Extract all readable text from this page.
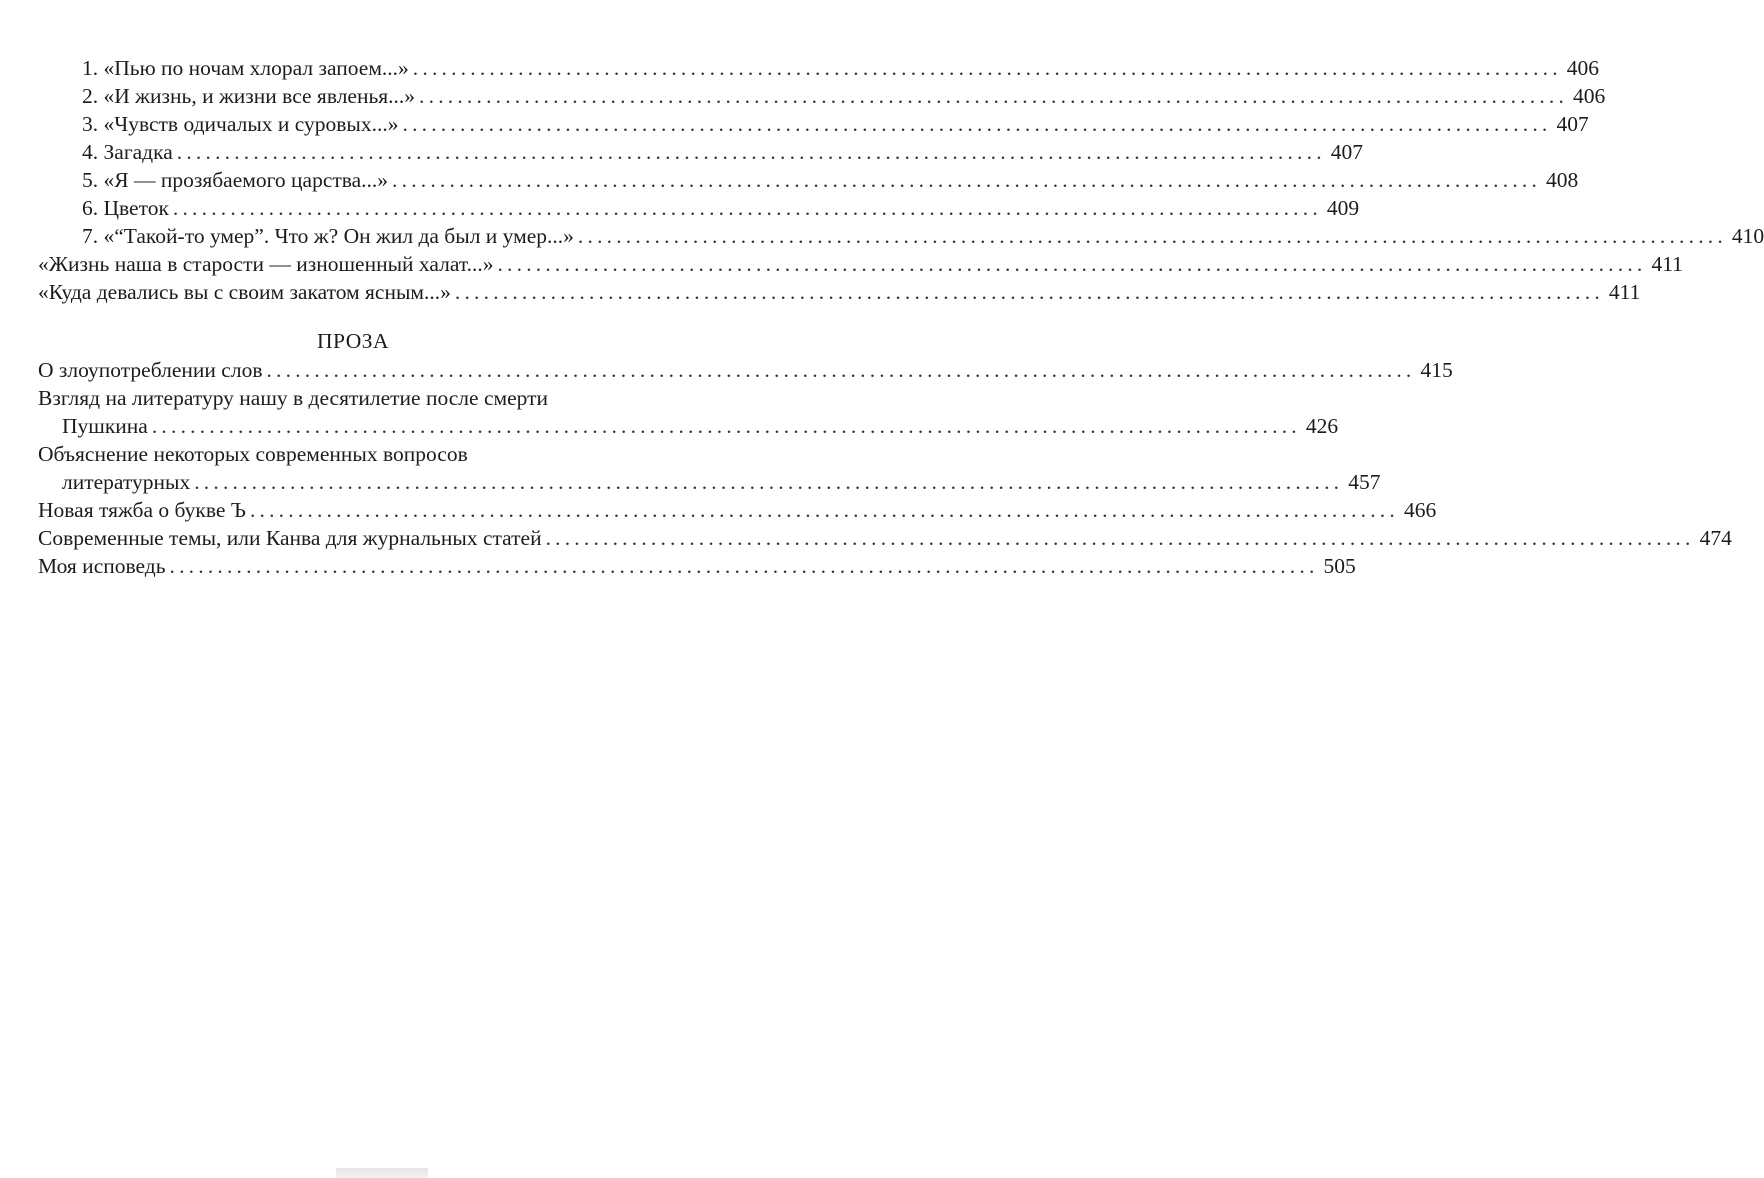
1. «Пью по ночам хлорал запоем...» ........................................................................................................................ 406
2. «И жизнь, и жизни все явленья...» ........................................................................................................................ 406
3. «Чувств одичалых и суровых...» ........................................................................................................................ 407
4. Загадка ........................................................................................................................ 407
5. «Я — прозябаемого царства...» ........................................................................................................................ 408
6. Цветок ........................................................................................................................ 409
7. «“Такой-то умер”. Что ж? Он жил да был и умер...» ........................................................................................................................ 410
«Жизнь наша в старости — изношенный халат...» ........................................................................................................................ 411
«Куда девались вы с своим закатом ясным...» ........................................................................................................................ 411
ПРОЗА
О злоупотреблении слов ........................................................................................................................ 415
Взгляд на литературу нашу в десятилетие после смерти
Пушкина ........................................................................................................................ 426
Объяснение некоторых современных вопросов
литературных ........................................................................................................................ 457
Новая тяжба о букве Ъ ........................................................................................................................ 466
Современные темы, или Канва для журнальных статей ........................................................................................................................ 474
Моя исповедь ........................................................................................................................ 505
